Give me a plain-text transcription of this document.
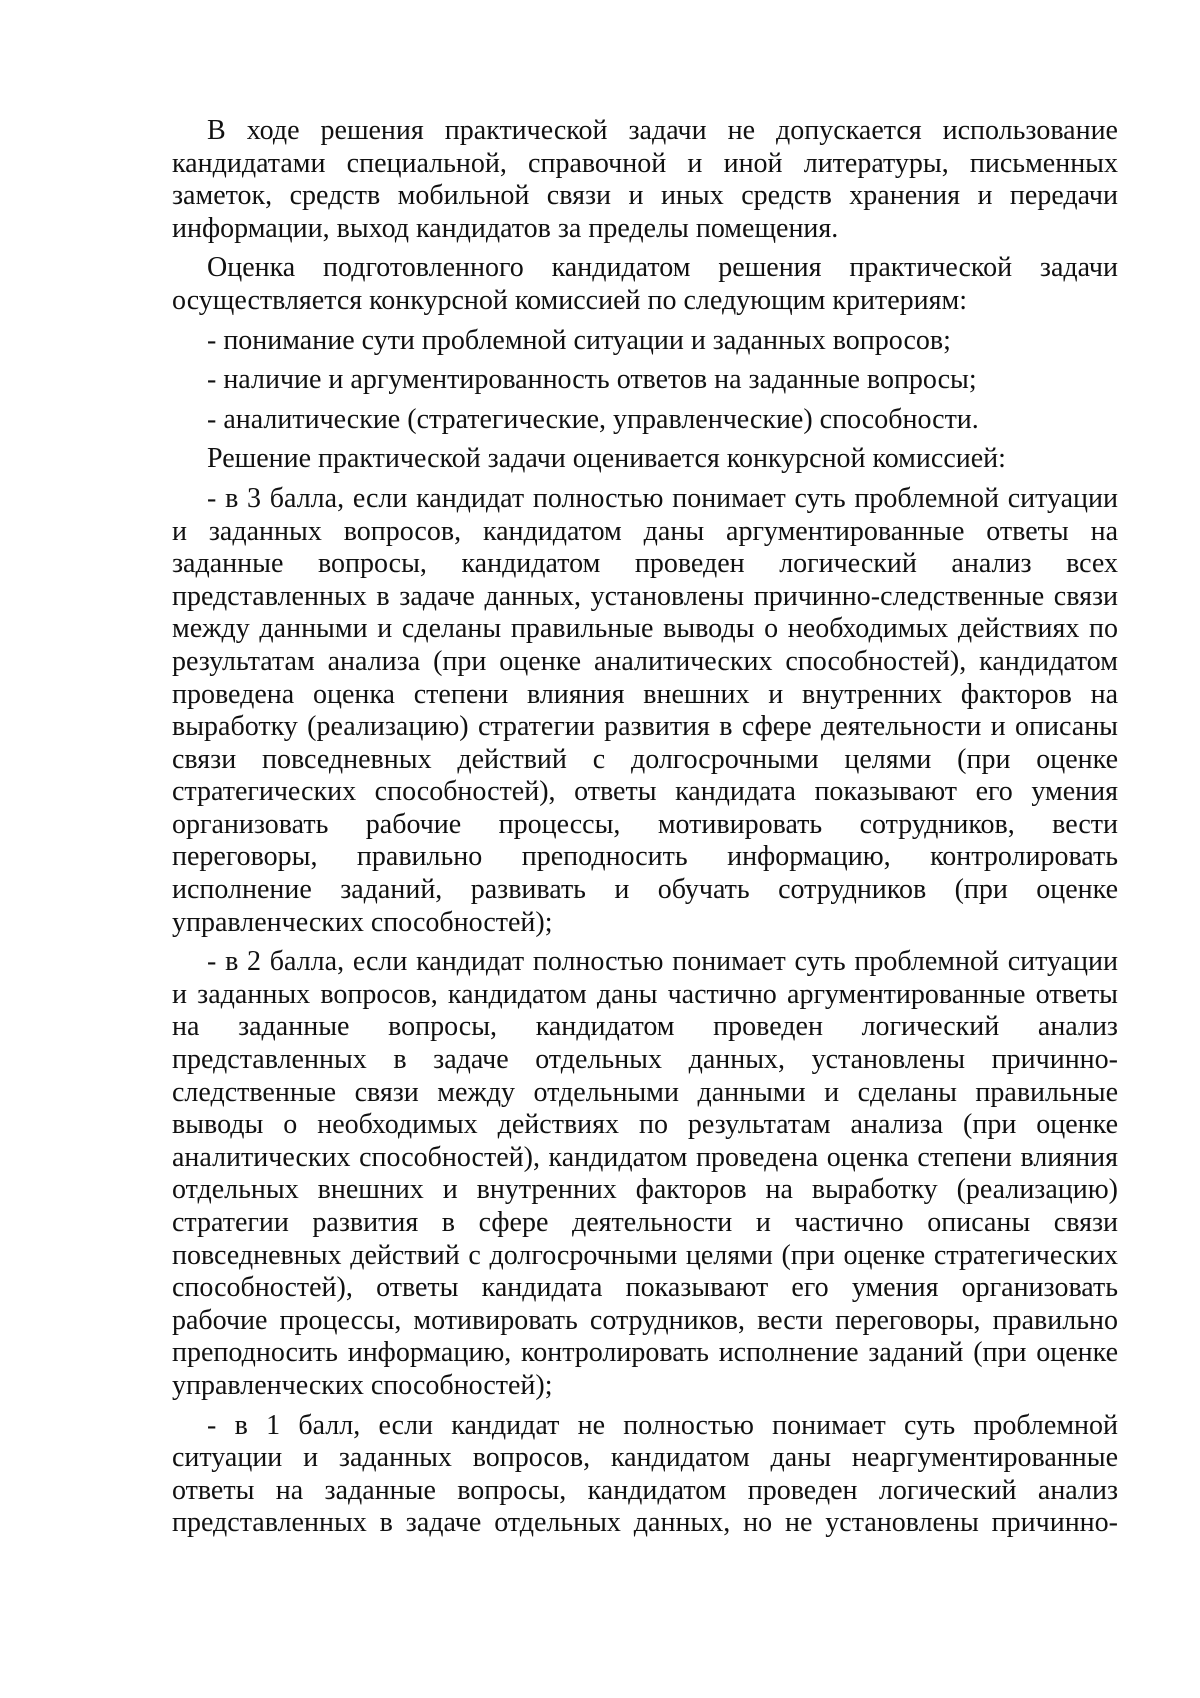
В ходе решения практической задачи не допускается использование кандидатами специальной, справочной и иной литературы, письменных заметок, средств мобильной связи и иных средств хранения и передачи информации, выход кандидатов за пределы помещения.

Оценка подготовленного кандидатом решения практической задачи осуществляется конкурсной комиссией по следующим критериям:

- понимание сути проблемной ситуации и заданных вопросов;

- наличие и аргументированность ответов на заданные вопросы;

- аналитические (стратегические, управленческие) способности.

Решение практической задачи оценивается конкурсной комиссией:

- в 3 балла, если кандидат полностью понимает суть проблемной ситуации и заданных вопросов, кандидатом даны аргументированные ответы на заданные вопросы, кандидатом проведен логический анализ всех представленных в задаче данных, установлены причинно-следственные связи между данными и сделаны правильные выводы о необходимых действиях по результатам анализа (при оценке аналитических способностей), кандидатом проведена оценка степени влияния внешних и внутренних факторов на выработку (реализацию) стратегии развития в сфере деятельности и описаны связи повседневных действий с долгосрочными целями (при оценке стратегических способностей), ответы кандидата показывают его умения организовать рабочие процессы, мотивировать сотрудников, вести переговоры, правильно преподносить информацию, контролировать исполнение заданий, развивать и обучать сотрудников (при оценке управленческих способностей);

- в 2 балла, если кандидат полностью понимает суть проблемной ситуации и заданных вопросов, кандидатом даны частично аргументированные ответы на заданные вопросы, кандидатом проведен логический анализ представленных в задаче отдельных данных, установлены причинно-следственные связи между отдельными данными и сделаны правильные выводы о необходимых действиях по результатам анализа (при оценке аналитических способностей), кандидатом проведена оценка степени влияния отдельных внешних и внутренних факторов на выработку (реализацию) стратегии развития в сфере деятельности и частично описаны связи повседневных действий с долгосрочными целями (при оценке стратегических способностей), ответы кандидата показывают его умения организовать рабочие процессы, мотивировать сотрудников, вести переговоры, правильно преподносить информацию, контролировать исполнение заданий (при оценке управленческих способностей);

- в 1 балл, если кандидат не полностью понимает суть проблемной ситуации и заданных вопросов, кандидатом даны неаргументированные ответы на заданные вопросы, кандидатом проведен логический анализ представленных в задаче отдельных данных, но не установлены причинно-
